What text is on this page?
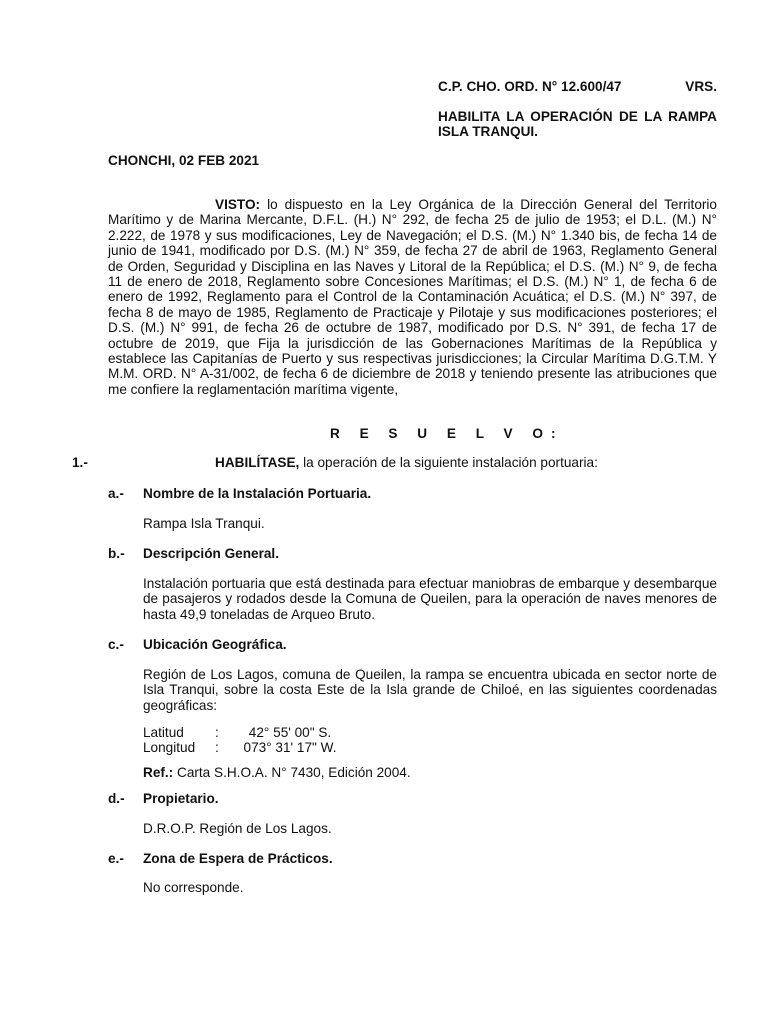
C.P. CHO. ORD. N° 12.600/47	VRS.
HABILITA LA OPERACIÓN DE LA RAMPA ISLA TRANQUI.
CHONCHI, 02 FEB 2021
VISTO: lo dispuesto en la Ley Orgánica de la Dirección General del Territorio Marítimo y de Marina Mercante, D.F.L. (H.) N° 292, de fecha 25 de julio de 1953; el D.L. (M.) N° 2.222, de 1978 y sus modificaciones, Ley de Navegación; el D.S. (M.) N° 1.340 bis, de fecha 14 de junio de 1941, modificado por D.S. (M.) N° 359, de fecha 27 de abril de 1963, Reglamento General de Orden, Seguridad y Disciplina en las Naves y Litoral de la República; el D.S. (M.) N° 9, de fecha 11 de enero de 2018, Reglamento sobre Concesiones Marítimas; el D.S. (M.) N° 1, de fecha 6 de enero de 1992, Reglamento para el Control de la Contaminación Acuática; el D.S. (M.) N° 397, de fecha 8 de mayo de 1985, Reglamento de Practicaje y Pilotaje y sus modificaciones posteriores; el D.S. (M.) N° 991, de fecha 26 de octubre de 1987, modificado por D.S. N° 391, de fecha 17 de octubre de 2019, que Fija la jurisdicción de las Gobernaciones Marítimas de la República y establece las Capitanías de Puerto y sus respectivas jurisdicciones; la Circular Marítima D.G.T.M. Y M.M. ORD. N° A-31/002, de fecha 6 de diciembre de 2018 y teniendo presente las atribuciones que me confiere la reglamentación marítima vigente,
R E S U E L V O:
1.-	HABILÍTASE, la operación de la siguiente instalación portuaria:
a.- Nombre de la Instalación Portuaria.
Rampa Isla Tranqui.
b.- Descripción General.
Instalación portuaria que está destinada para efectuar maniobras de embarque y desembarque de pasajeros y rodados desde la Comuna de Queilen, para la operación de naves menores de hasta 49,9 toneladas de Arqueo Bruto.
c.- Ubicación Geográfica.
Región de Los Lagos, comuna de Queilen, la rampa se encuentra ubicada en sector norte de Isla Tranqui, sobre la costa Este de la Isla grande de Chiloé, en las siguientes coordenadas geográficas:
Latitud	:	42° 55' 00" S.
Longitud	:	073° 31' 17" W.
Ref.: Carta S.H.O.A. N° 7430, Edición 2004.
d.- Propietario.
D.R.O.P. Región de Los Lagos.
e.- Zona de Espera de Prácticos.
No corresponde.
